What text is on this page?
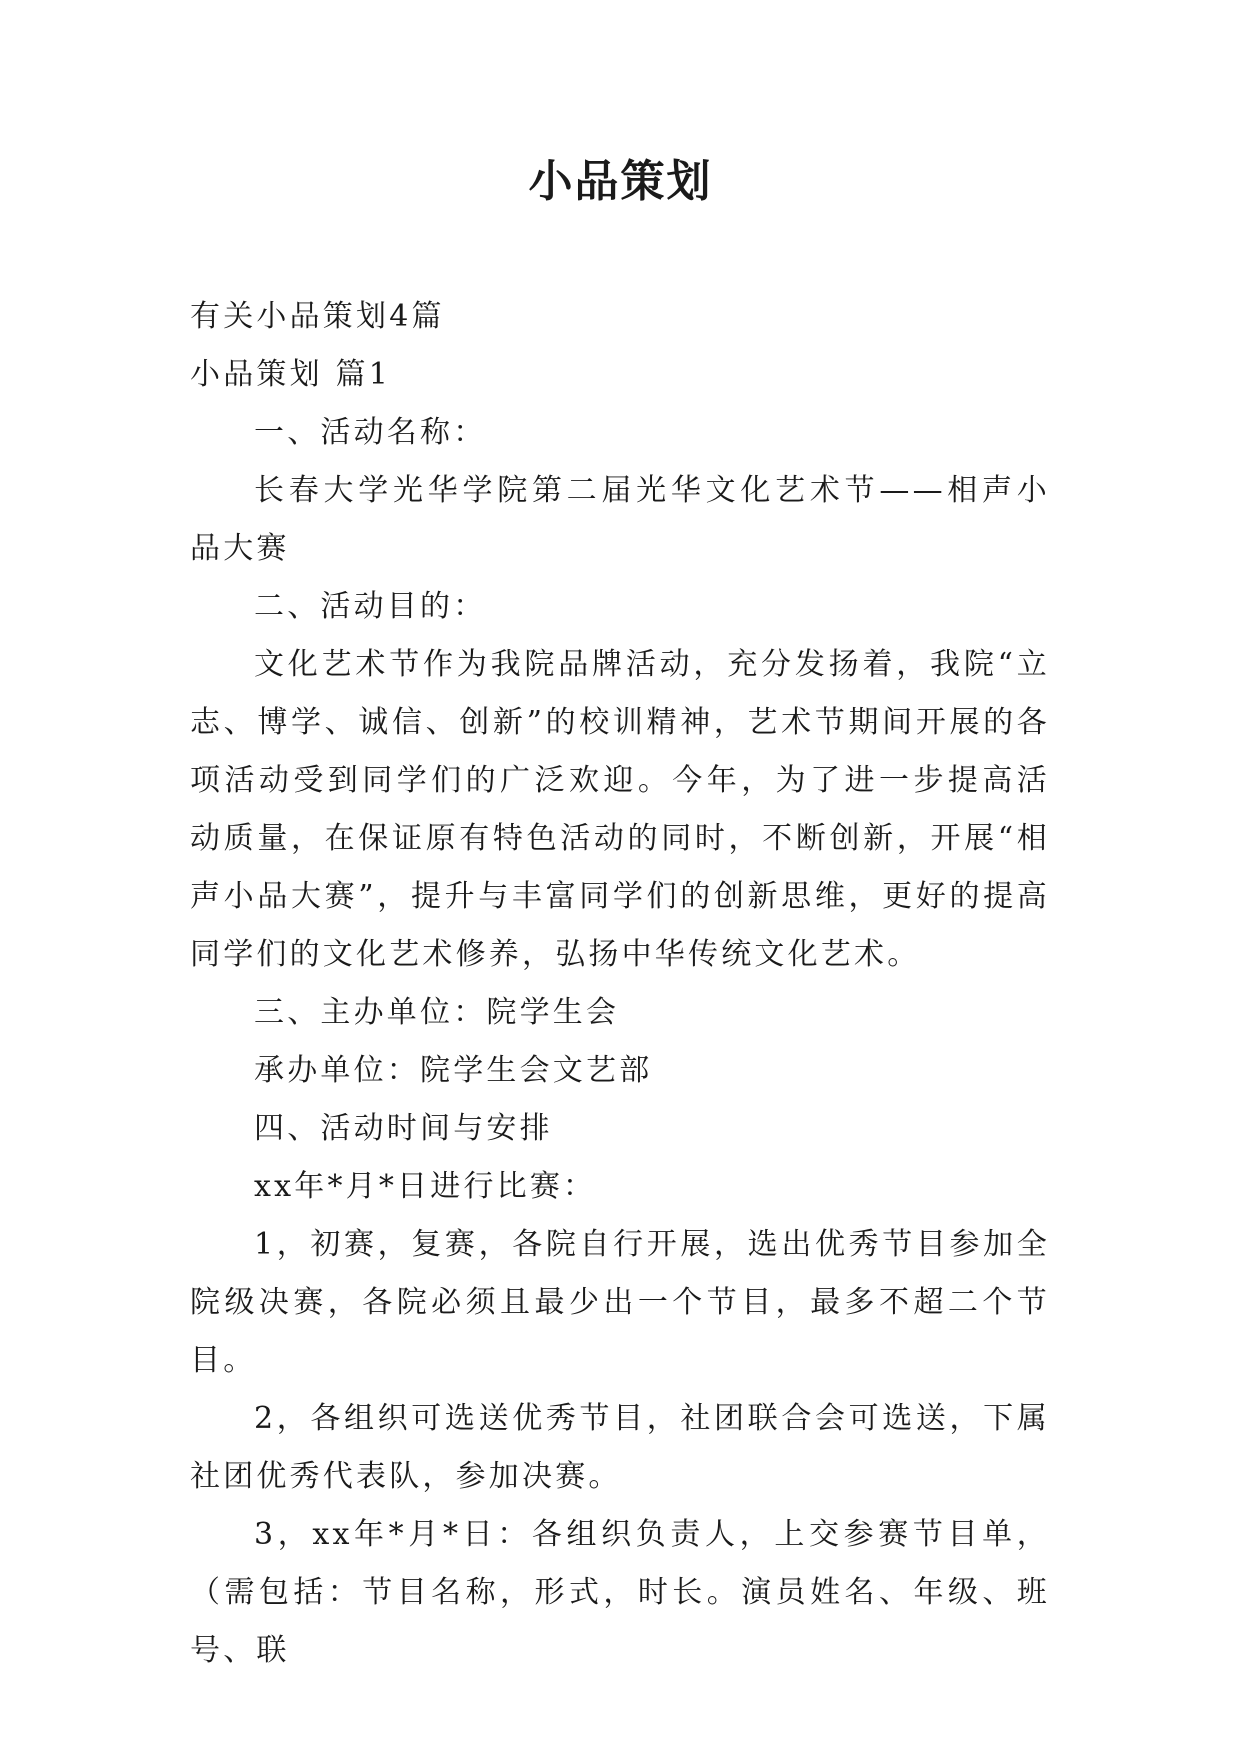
小品策划

有关小品策划4篇

小品策划 篇1

一、活动名称：

长春大学光华学院第二届光华文化艺术节——相声小品大赛

二、活动目的：

文化艺术节作为我院品牌活动，充分发扬着，我院“立志、博学、诚信、创新”的校训精神，艺术节期间开展的各项活动受到同学们的广泛欢迎。今年，为了进一步提高活动质量，在保证原有特色活动的同时，不断创新，开展“相声小品大赛”，提升与丰富同学们的创新思维，更好的提高同学们的文化艺术修养，弘扬中华传统文化艺术。

三、主办单位：院学生会

承办单位：院学生会文艺部

四、活动时间与安排

xx年*月*日进行比赛：

1，初赛，复赛，各院自行开展，选出优秀节目参加全院级决赛，各院必须且最少出一个节目，最多不超二个节目。

2，各组织可选送优秀节目，社团联合会可选送，下属社团优秀代表队，参加决赛。

3，xx年*月*日：各组织负责人，上交参赛节目单，（需包括：节目名称，形式，时长。演员姓名、年级、班号、联
